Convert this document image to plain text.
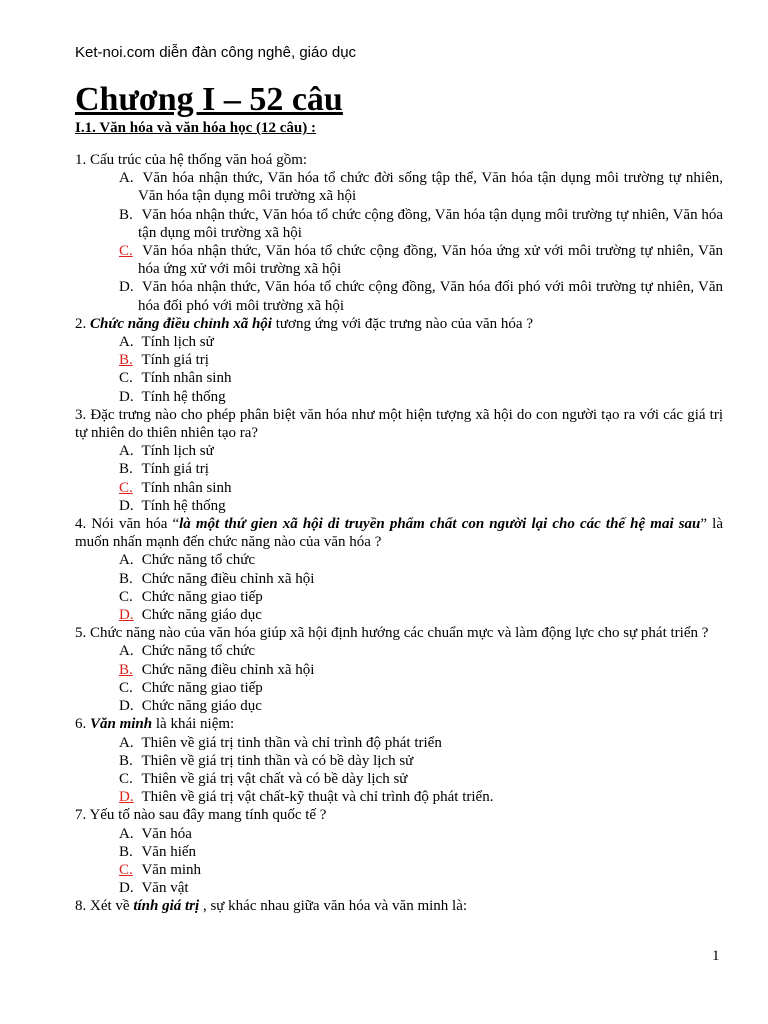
Ket-noi.com diễn đàn công nghê, giáo dục
Chương I – 52 câu
I.1. Văn hóa và văn hóa học (12 câu) :
1. Cấu trúc của hệ thống văn hoá gồm:
A. Văn hóa nhận thức, Văn hóa tổ chức đời sống tập thể, Văn hóa tận dụng môi trường tự nhiên, Văn hóa tận dụng môi trường xã hội
B. Văn hóa nhận thức, Văn hóa tổ chức cộng đồng, Văn hóa tận dụng môi trường tự nhiên, Văn hóa tận dụng môi trường xã hội
C. Văn hóa nhận thức, Văn hóa tổ chức cộng đồng, Văn hóa ứng xử với môi trường tự nhiên, Văn hóa ứng xử với môi trường xã hội
D. Văn hóa nhận thức, Văn hóa tổ chức cộng đồng, Văn hóa đối phó với môi trường tự nhiên, Văn hóa đối phó với môi trường xã hội
2. Chức năng điều chỉnh xã hội tương ứng với đặc trưng nào của văn hóa ?
A. Tính lịch sử
B. Tính giá trị
C. Tính nhân sinh
D. Tính hệ thống
3. Đặc trưng nào cho phép phân biệt văn hóa như một hiện tượng xã hội do con người tạo ra với các giá trị tự nhiên do thiên nhiên tạo ra?
A. Tính lịch sử
B. Tính giá trị
C. Tính nhân sinh
D. Tính hệ thống
4. Nói văn hóa “là một thứ gien xã hội di truyền phẩm chất con người lại cho các thế hệ mai sau” là muốn nhấn mạnh đến chức năng nào của văn hóa ?
A. Chức năng tổ chức
B. Chức năng điều chỉnh xã hội
C. Chức năng giao tiếp
D. Chức năng giáo dục
5. Chức năng nào của văn hóa giúp xã hội định hướng các chuẩn mực và làm động lực cho sự phát triển ?
A. Chức năng tổ chức
B. Chức năng điều chỉnh xã hội
C. Chức năng giao tiếp
D. Chức năng giáo dục
6. Văn minh là khái niệm:
A. Thiên về giá trị tinh thần và chỉ trình độ phát triển
B. Thiên về giá trị tinh thần và có bề dày lịch sử
C. Thiên về giá trị vật chất và có bề dày lịch sử
D. Thiên về giá trị vật chất-kỹ thuật và chỉ trình độ phát triển.
7. Yếu tố nào sau đây mang tính quốc tế ?
A. Văn hóa
B. Văn hiến
C. Văn minh
D. Văn vật
8. Xét về tính giá trị , sự khác nhau giữa văn hóa và văn minh là:
1
